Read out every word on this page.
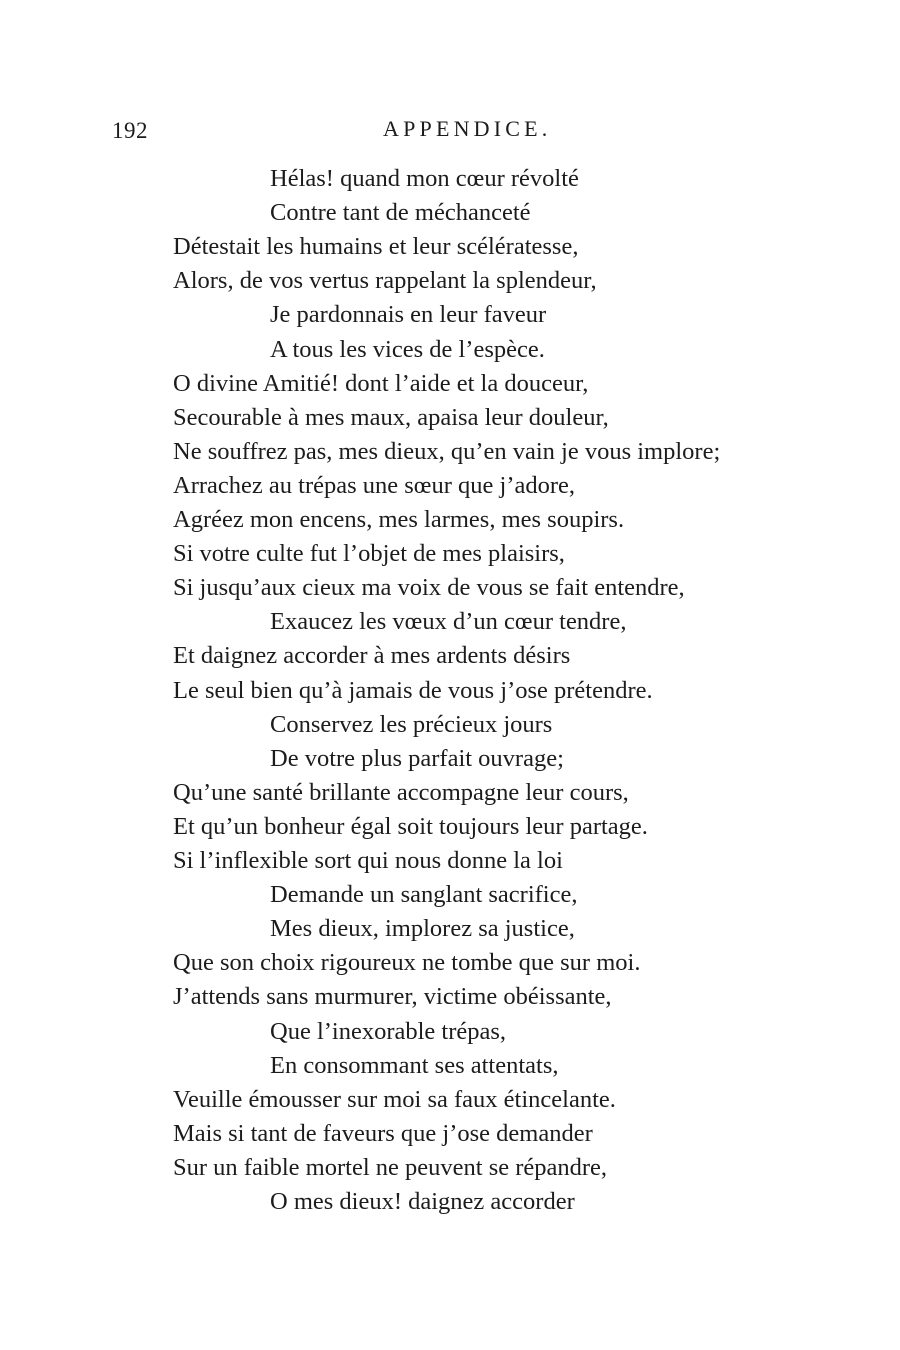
192	APPENDICE.
Hélas! quand mon cœur révolté
Contre tant de méchanceté
Détestait les humains et leur scélératesse,
Alors, de vos vertus rappelant la splendeur,
Je pardonnais en leur faveur
A tous les vices de l’espèce.
O divine Amitié! dont l’aide et la douceur,
Secourable à mes maux, apaisa leur douleur,
Ne souffrez pas, mes dieux, qu’en vain je vous implore;
Arrachez au trépas une sœur que j’adore,
Agréez mon encens, mes larmes, mes soupirs.
Si votre culte fut l’objet de mes plaisirs,
Si jusqu’aux cieux ma voix de vous se fait entendre,
Exaucez les vœux d’un cœur tendre,
Et daignez accorder à mes ardents désirs
Le seul bien qu’à jamais de vous j’ose prétendre.
Conservez les précieux jours
De votre plus parfait ouvrage;
Qu’une santé brillante accompagne leur cours,
Et qu’un bonheur égal soit toujours leur partage.
Si l’inflexible sort qui nous donne la loi
Demande un sanglant sacrifice,
Mes dieux, implorez sa justice,
Que son choix rigoureux ne tombe que sur moi.
J’attends sans murmurer, victime obéissante,
Que l’inexorable trépas,
En consommant ses attentats,
Veuille émousser sur moi sa faux étincelante.
Mais si tant de faveurs que j’ose demander
Sur un faible mortel ne peuvent se répandre,
O mes dieux! daignez accorder
